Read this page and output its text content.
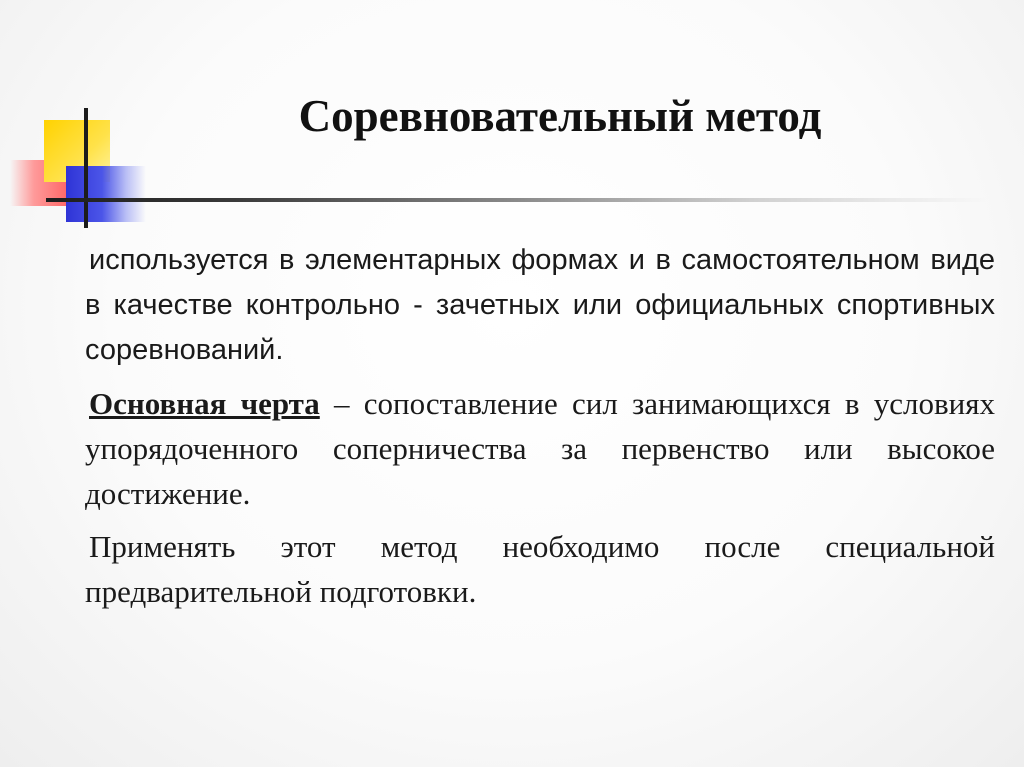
Соревновательный метод

используется в элементарных формах и в самостоятельном виде в качестве контрольно - зачетных или официальных спортивных соревнований.

Основная черта – сопоставление сил занимающихся в условиях упорядоченного соперничества за первенство или высокое достижение.

Применять этот метод необходимо после специальной предварительной подготовки.
